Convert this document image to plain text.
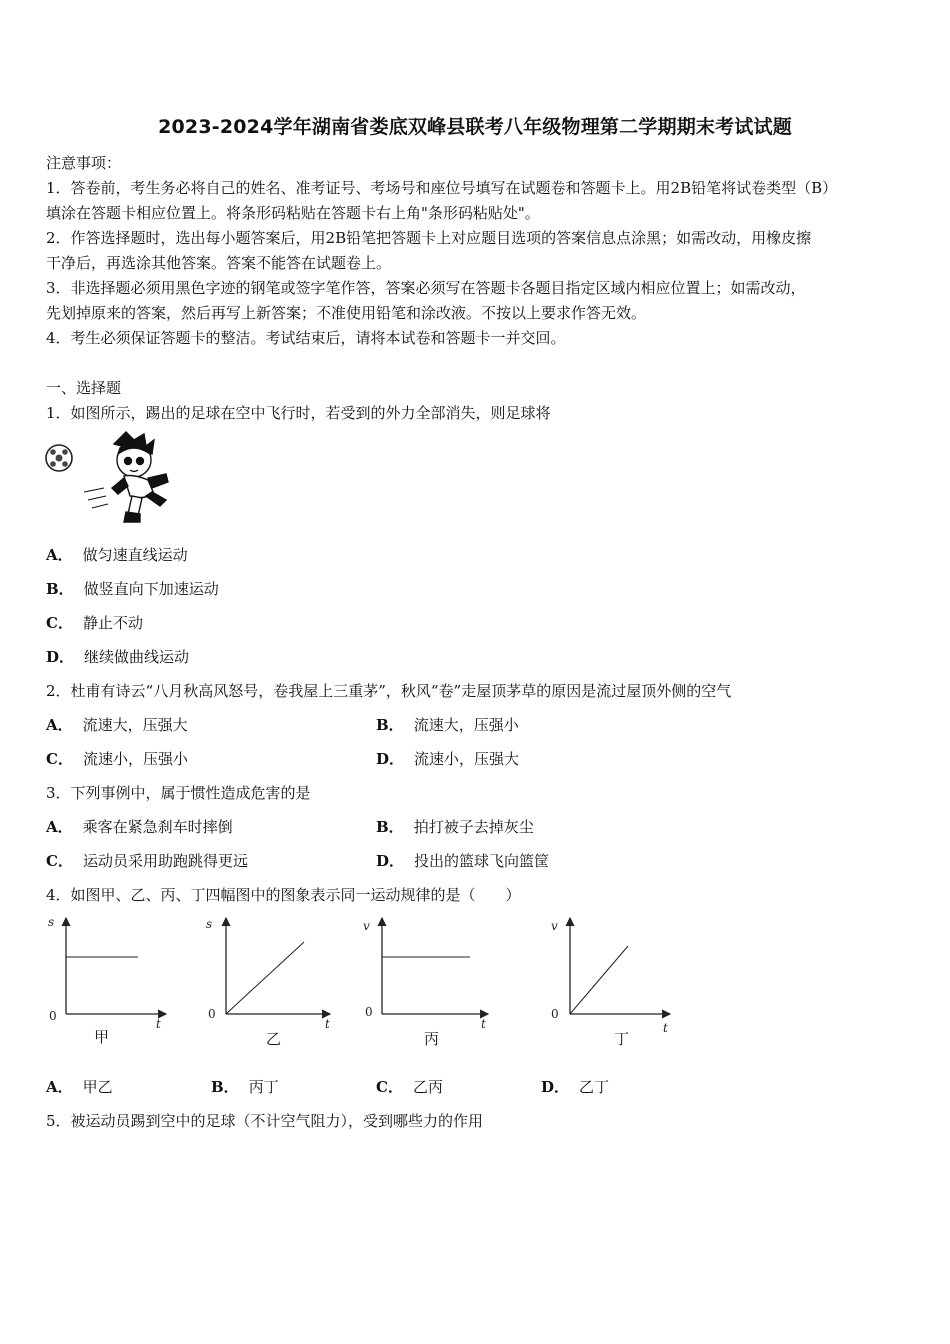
2023-2024学年湖南省娄底双峰县联考八年级物理第二学期期末考试试题
注意事项：
1．答卷前，考生务必将自己的姓名、准考证号、考场号和座位号填写在试题卷和答题卡上。用2B铅笔将试卷类型（B）
填涂在答题卡相应位置上。将条形码粘贴在答题卡右上角"条形码粘贴处"。
2．作答选择题时，选出每小题答案后，用2B铅笔把答题卡上对应题目选项的答案信息点涂黑；如需改动，用橡皮擦
干净后，再选涂其他答案。答案不能答在试题卷上。
3．非选择题必须用黑色字迹的钢笔或签字笔作答，答案必须写在答题卡各题目指定区域内相应位置上；如需改动，
先划掉原来的答案，然后再写上新答案；不准使用铅笔和涂改液。不按以上要求作答无效。
4．考生必须保证答题卡的整洁。考试结束后，请将本试卷和答题卡一并交回。
一、选择题
1．如图所示，踢出的足球在空中飞行时，若受到的外力全部消失，则足球将
A． 做匀速直线运动
B． 做竖直向下加速运动
C． 静止不动
D． 继续做曲线运动
2．杜甫有诗云“八月秋高风怒号，卷我屋上三重茅”，秋风“卷”走屋顶茅草的原因是流过屋顶外侧的空气
A． 流速大，压强大	B． 流速大，压强小
C． 流速小，压强小	D． 流速小，压强大
3．下列事例中，属于惯性造成危害的是
A． 乘客在紧急刹车时摔倒	B． 拍打被子去掉灰尘
C． 运动员采用助跑跳得更远	D． 投出的篮球飞向篮筐
4．如图甲、乙、丙、丁四幅图中的图象表示同一运动规律的是（　　）
s
t
0
甲
s
t
0
乙
v
t
0
丙
v
t
0
丁
A． 甲乙	B． 丙丁	C． 乙丙	D． 乙丁
5．被运动员踢到空中的足球（不计空气阻力），受到哪些力的作用
